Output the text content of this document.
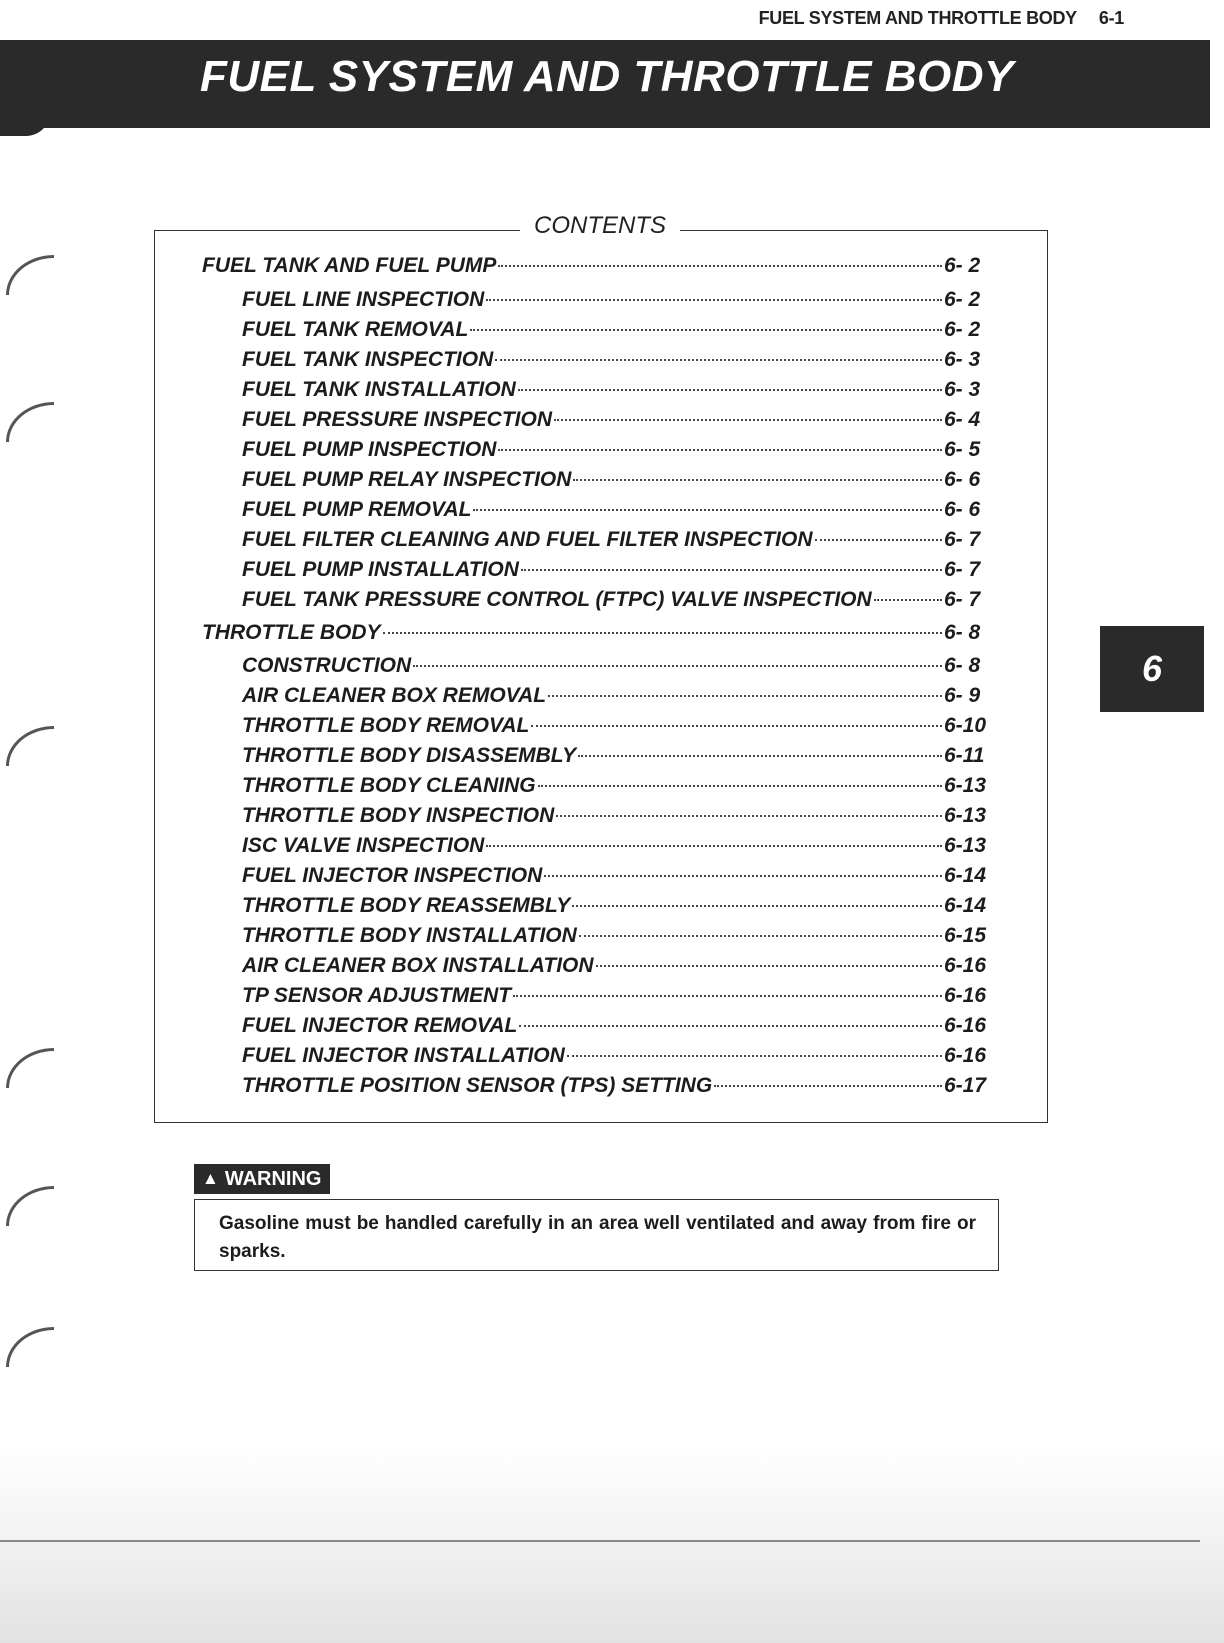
FUEL SYSTEM AND THROTTLE BODY 6-1
FUEL SYSTEM AND THROTTLE BODY
CONTENTS
FUEL TANK AND FUEL PUMP	6- 2
FUEL LINE INSPECTION	6- 2
FUEL TANK REMOVAL	6- 2
FUEL TANK INSPECTION	6- 3
FUEL TANK INSTALLATION	6- 3
FUEL PRESSURE INSPECTION	6- 4
FUEL PUMP INSPECTION	6- 5
FUEL PUMP RELAY INSPECTION	6- 6
FUEL PUMP REMOVAL	6- 6
FUEL FILTER CLEANING AND FUEL FILTER INSPECTION	6- 7
FUEL PUMP INSTALLATION	6- 7
FUEL TANK PRESSURE CONTROL (FTPC) VALVE INSPECTION	6- 7
THROTTLE BODY	6- 8
CONSTRUCTION	6- 8
AIR CLEANER BOX REMOVAL	6- 9
THROTTLE BODY REMOVAL	6-10
THROTTLE BODY DISASSEMBLY	6-11
THROTTLE BODY CLEANING	6-13
THROTTLE BODY INSPECTION	6-13
ISC VALVE INSPECTION	6-13
FUEL INJECTOR INSPECTION	6-14
THROTTLE BODY REASSEMBLY	6-14
THROTTLE BODY INSTALLATION	6-15
AIR CLEANER BOX INSTALLATION	6-16
TP SENSOR ADJUSTMENT	6-16
FUEL INJECTOR REMOVAL	6-16
FUEL INJECTOR INSTALLATION	6-16
THROTTLE POSITION SENSOR (TPS) SETTING	6-17
6
▲ WARNING
Gasoline must be handled carefully in an area well ventilated and away from fire or sparks.
